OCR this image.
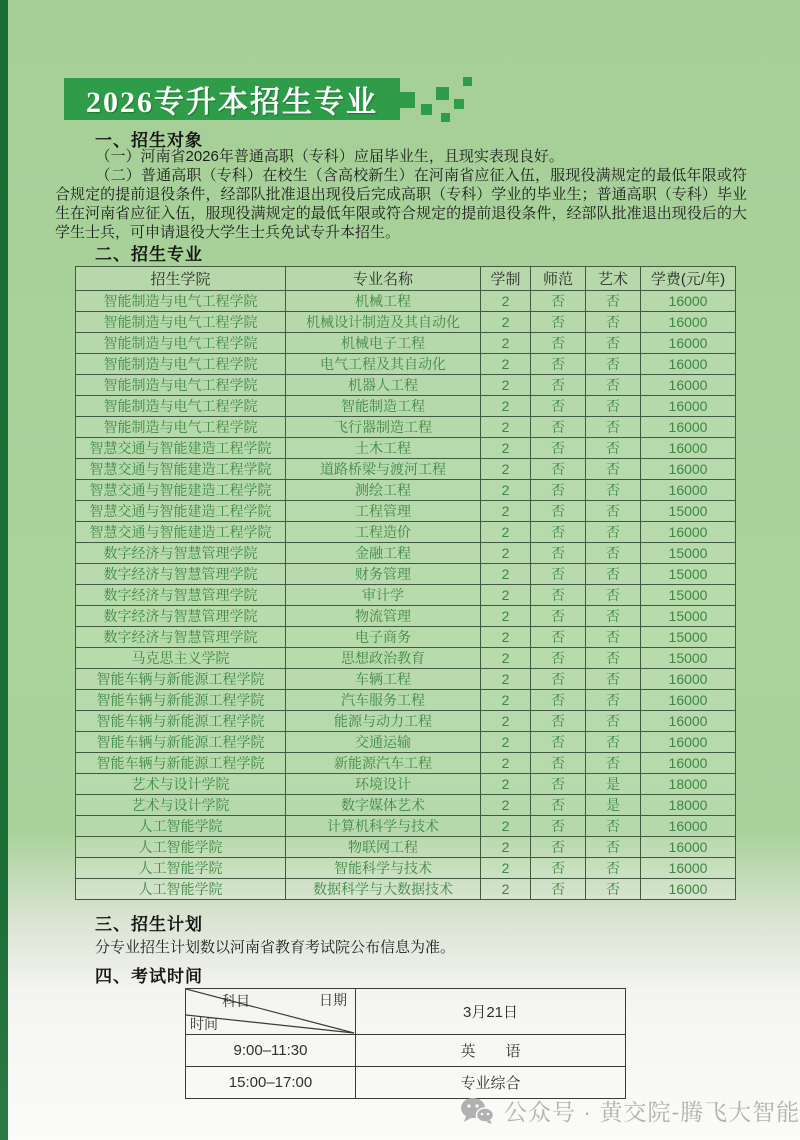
2026专升本招生专业
一、招生对象

（一）河南省2026年普通高职（专科）应届毕业生，且现实表现良好。

（二）普通高职（专科）在校生（含高校新生）在河南省应征入伍，服现役满规定的最低年限或符合规定的提前退役条件，经部队批准退出现役后完成高职（专科）学业的毕业生；普通高职（专科）毕业生在河南省应征入伍，服现役满规定的最低年限或符合规定的提前退役条件，经部队批准退出现役后的大学生士兵，可申请退役大学生士兵免试专升本招生。

二、招生专业
招生学院	专业名称	学制	师范	艺术	学费(元/年)
智能制造与电气工程学院	机械工程	2	否	否	16000
智能制造与电气工程学院	机械设计制造及其自动化	2	否	否	16000
智能制造与电气工程学院	机械电子工程	2	否	否	16000
智能制造与电气工程学院	电气工程及其自动化	2	否	否	16000
智能制造与电气工程学院	机器人工程	2	否	否	16000
智能制造与电气工程学院	智能制造工程	2	否	否	16000
智能制造与电气工程学院	飞行器制造工程	2	否	否	16000
智慧交通与智能建造工程学院	土木工程	2	否	否	16000
智慧交通与智能建造工程学院	道路桥梁与渡河工程	2	否	否	16000
智慧交通与智能建造工程学院	测绘工程	2	否	否	16000
智慧交通与智能建造工程学院	工程管理	2	否	否	15000
智慧交通与智能建造工程学院	工程造价	2	否	否	16000
数字经济与智慧管理学院	金融工程	2	否	否	15000
数字经济与智慧管理学院	财务管理	2	否	否	15000
数字经济与智慧管理学院	审计学	2	否	否	15000
数字经济与智慧管理学院	物流管理	2	否	否	15000
数字经济与智慧管理学院	电子商务	2	否	否	15000
马克思主义学院	思想政治教育	2	否	否	15000
智能车辆与新能源工程学院	车辆工程	2	否	否	16000
智能车辆与新能源工程学院	汽车服务工程	2	否	否	16000
智能车辆与新能源工程学院	能源与动力工程	2	否	否	16000
智能车辆与新能源工程学院	交通运输	2	否	否	16000
智能车辆与新能源工程学院	新能源汽车工程	2	否	否	16000
艺术与设计学院	环境设计	2	否	是	18000
艺术与设计学院	数字媒体艺术	2	否	是	18000
人工智能学院	计算机科学与技术	2	否	否	16000
人工智能学院	物联网工程	2	否	否	16000
人工智能学院	智能科学与技术	2	否	否	16000
人工智能学院	数据科学与大数据技术	2	否	否	16000
三、招生计划

分专业招生计划数以河南省教育考试院公布信息为准。

四、考试时间
科目 日期
时间	3月21日
9:00–11:30	英　　语
15:00–17:00	专业综合
公众号 · 黄交院-腾飞大智能
